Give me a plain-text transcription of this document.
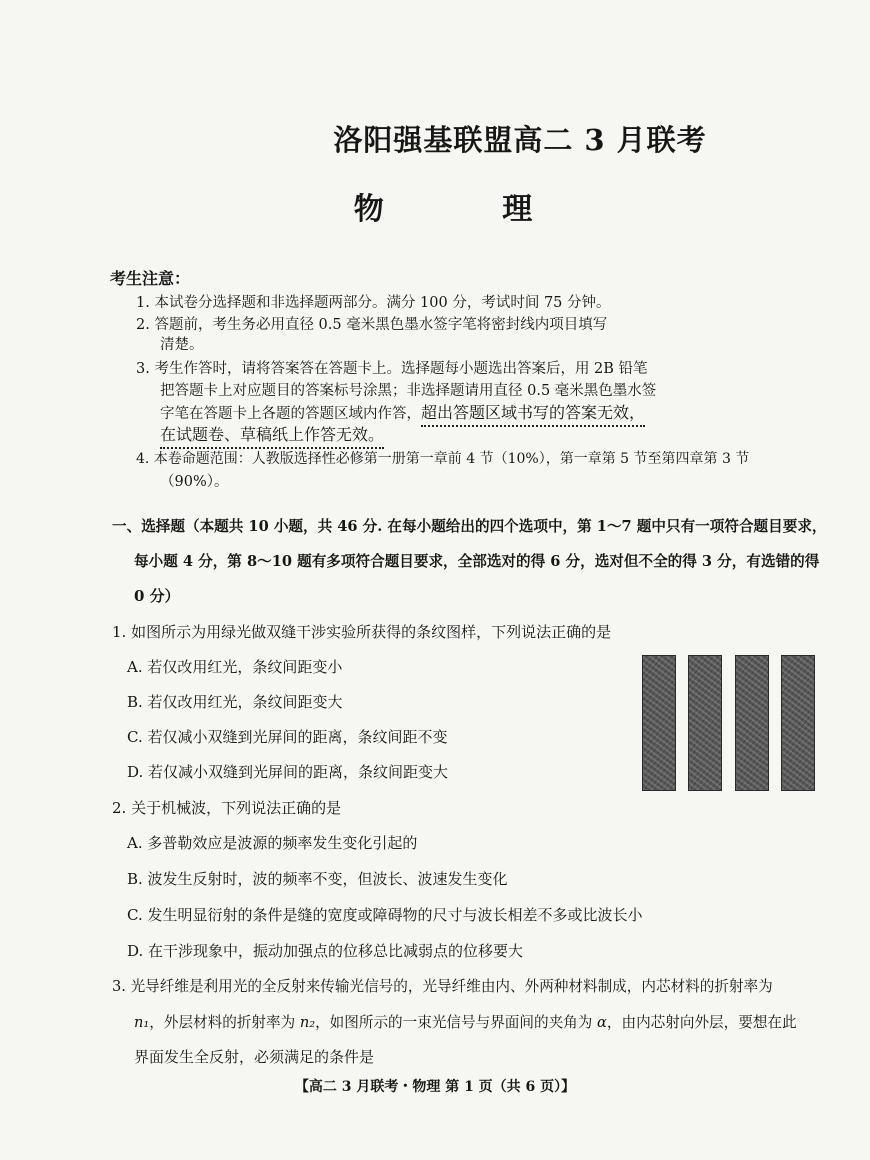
洛阳强基联盟高二 3 月联考
物 理
考生注意：
1. 本试卷分选择题和非选择题两部分。满分 100 分，考试时间 75 分钟。
2. 答题前，考生务必用直径 0.5 毫米黑色墨水签字笔将密封线内项目填写
清楚。
3. 考生作答时，请将答案答在答题卡上。选择题每小题选出答案后，用 2B 铅笔
把答题卡上对应题目的答案标号涂黑；非选择题请用直径 0.5 毫米黑色墨水签
字笔在答题卡上各题的答题区域内作答，超出答题区域书写的答案无效，
在试题卷、草稿纸上作答无效。
4. 本卷命题范围：人教版选择性必修第一册第一章前 4 节（10%），第一章第 5 节至第四章第 3 节
（90%）。
一、选择题（本题共 10 小题，共 46 分. 在每小题给出的四个选项中，第 1～7 题中只有一项符合题目要求，
每小题 4 分，第 8～10 题有多项符合题目要求，全部选对的得 6 分，选对但不全的得 3 分，有选错的得
0 分）
1. 如图所示为用绿光做双缝干涉实验所获得的条纹图样，下列说法正确的是
A. 若仅改用红光，条纹间距变小
B. 若仅改用红光，条纹间距变大
C. 若仅减小双缝到光屏间的距离，条纹间距不变
D. 若仅减小双缝到光屏间的距离，条纹间距变大
2. 关于机械波，下列说法正确的是
A. 多普勒效应是波源的频率发生变化引起的
B. 波发生反射时，波的频率不变，但波长、波速发生变化
C. 发生明显衍射的条件是缝的宽度或障碍物的尺寸与波长相差不多或比波长小
D. 在干涉现象中，振动加强点的位移总比减弱点的位移要大
3. 光导纤维是利用光的全反射来传输光信号的，光导纤维由内、外两种材料制成，内芯材料的折射率为
n₁，外层材料的折射率为 n₂，如图所示的一束光信号与界面间的夹角为 α，由内芯射向外层，要想在此
界面发生全反射，必须满足的条件是
【高二 3 月联考・物理 第 1 页（共 6 页）】
